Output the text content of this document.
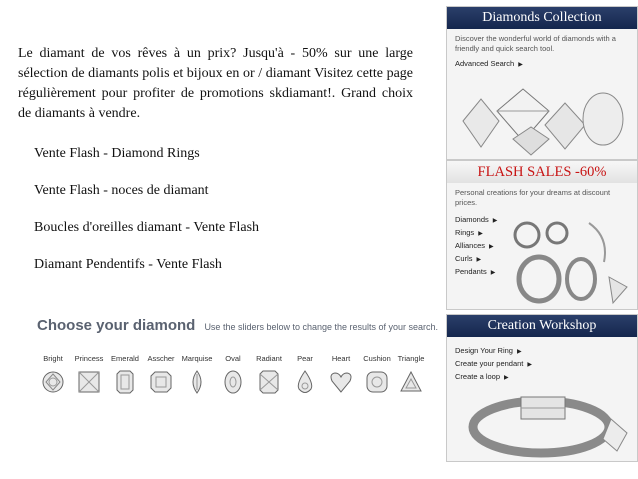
Le diamant de vos rêves à un prix? Jusqu'à - 50% sur une large sélection de diamants polis et bijoux en or / diamant Visitez cette page régulièrement pour profiter de promotions skdiamant!. Grand choix de diamants à vendre.

Vente Flash - Diamond Rings
Vente Flash - noces de diamant
Boucles d'oreilles diamant - Vente Flash
Diamant Pendentifs - Vente Flash
Choose your diamond Use the sliders below to change the results of your search.
Bright	Princess	Emerald	Asscher Marquise	Oval	Radiant	Pear	Heart	Cushion Triangle
Diamonds Collection
Discover the wonderful world of diamonds with a friendly and quick search tool.
Advanced Search ▶
FLASH SALES -60%
Personal creations for your dreams at discount prices.
Diamonds ▶
Rings ▶
Alliances ▶
Curls ▶
Pendants ▶
Creation Workshop
Design Your Ring ▶
Create your pendant ▶
Create a loop ▶
